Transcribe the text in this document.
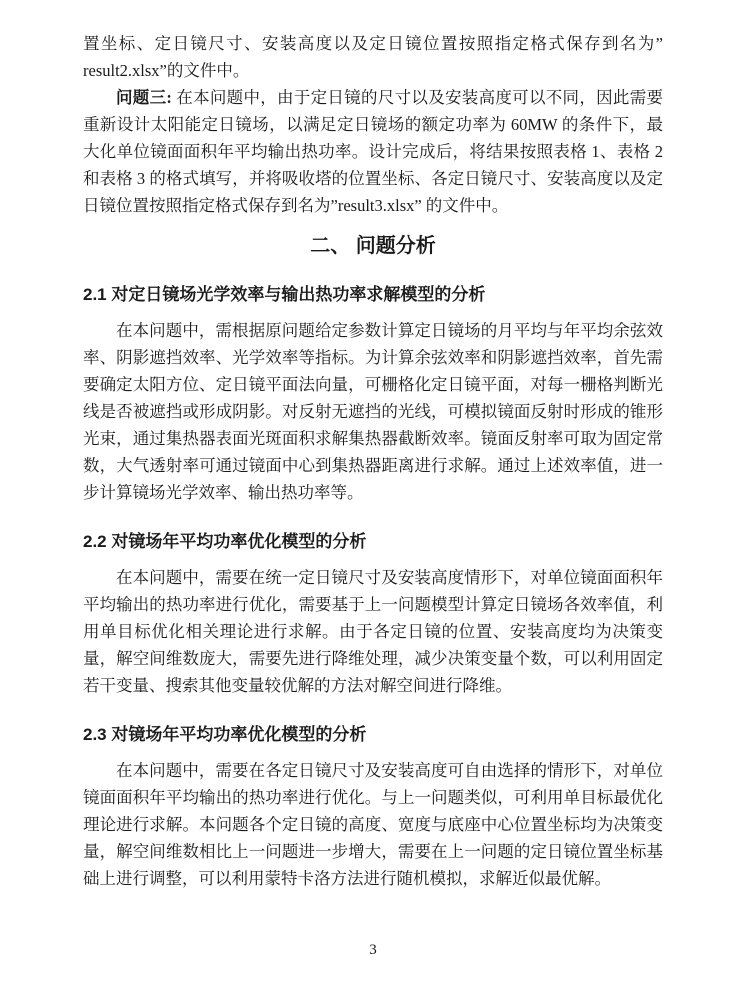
置坐标、定日镜尺寸、安装高度以及定日镜位置按照指定格式保存到名为”result2.xlsx”的文件中。

问题三: 在本问题中，由于定日镜的尺寸以及安装高度可以不同，因此需要重新设计太阳能定日镜场，以满足定日镜场的额定功率为 60MW 的条件下，最大化单位镜面面积年平均输出热功率。设计完成后，将结果按照表格 1、表格 2 和表格 3 的格式填写，并将吸收塔的位置坐标、各定日镜尺寸、安装高度以及定日镜位置按照指定格式保存到名为”result3.xlsx” 的文件中。

二、 问题分析
2.1 对定日镜场光学效率与输出热功率求解模型的分析

在本问题中，需根据原问题给定参数计算定日镜场的月平均与年平均余弦效率、阴影遮挡效率、光学效率等指标。为计算余弦效率和阴影遮挡效率，首先需要确定太阳方位、定日镜平面法向量，可栅格化定日镜平面，对每一栅格判断光线是否被遮挡或形成阴影。对反射无遮挡的光线，可模拟镜面反射时形成的锥形光束，通过集热器表面光斑面积求解集热器截断效率。镜面反射率可取为固定常数，大气透射率可通过镜面中心到集热器距离进行求解。通过上述效率值，进一步计算镜场光学效率、输出热功率等。

2.2 对镜场年平均功率优化模型的分析

在本问题中，需要在统一定日镜尺寸及安装高度情形下，对单位镜面面积年平均输出的热功率进行优化，需要基于上一问题模型计算定日镜场各效率值，利用单目标优化相关理论进行求解。由于各定日镜的位置、安装高度均为决策变量，解空间维数庞大，需要先进行降维处理，减少决策变量个数，可以利用固定若干变量、搜索其他变量较优解的方法对解空间进行降维。

2.3 对镜场年平均功率优化模型的分析

在本问题中，需要在各定日镜尺寸及安装高度可自由选择的情形下，对单位镜面面积年平均输出的热功率进行优化。与上一问题类似，可利用单目标最优化理论进行求解。本问题各个定日镜的高度、宽度与底座中心位置坐标均为决策变量，解空间维数相比上一问题进一步增大，需要在上一问题的定日镜位置坐标基础上进行调整，可以利用蒙特卡洛方法进行随机模拟，求解近似最优解。

3
